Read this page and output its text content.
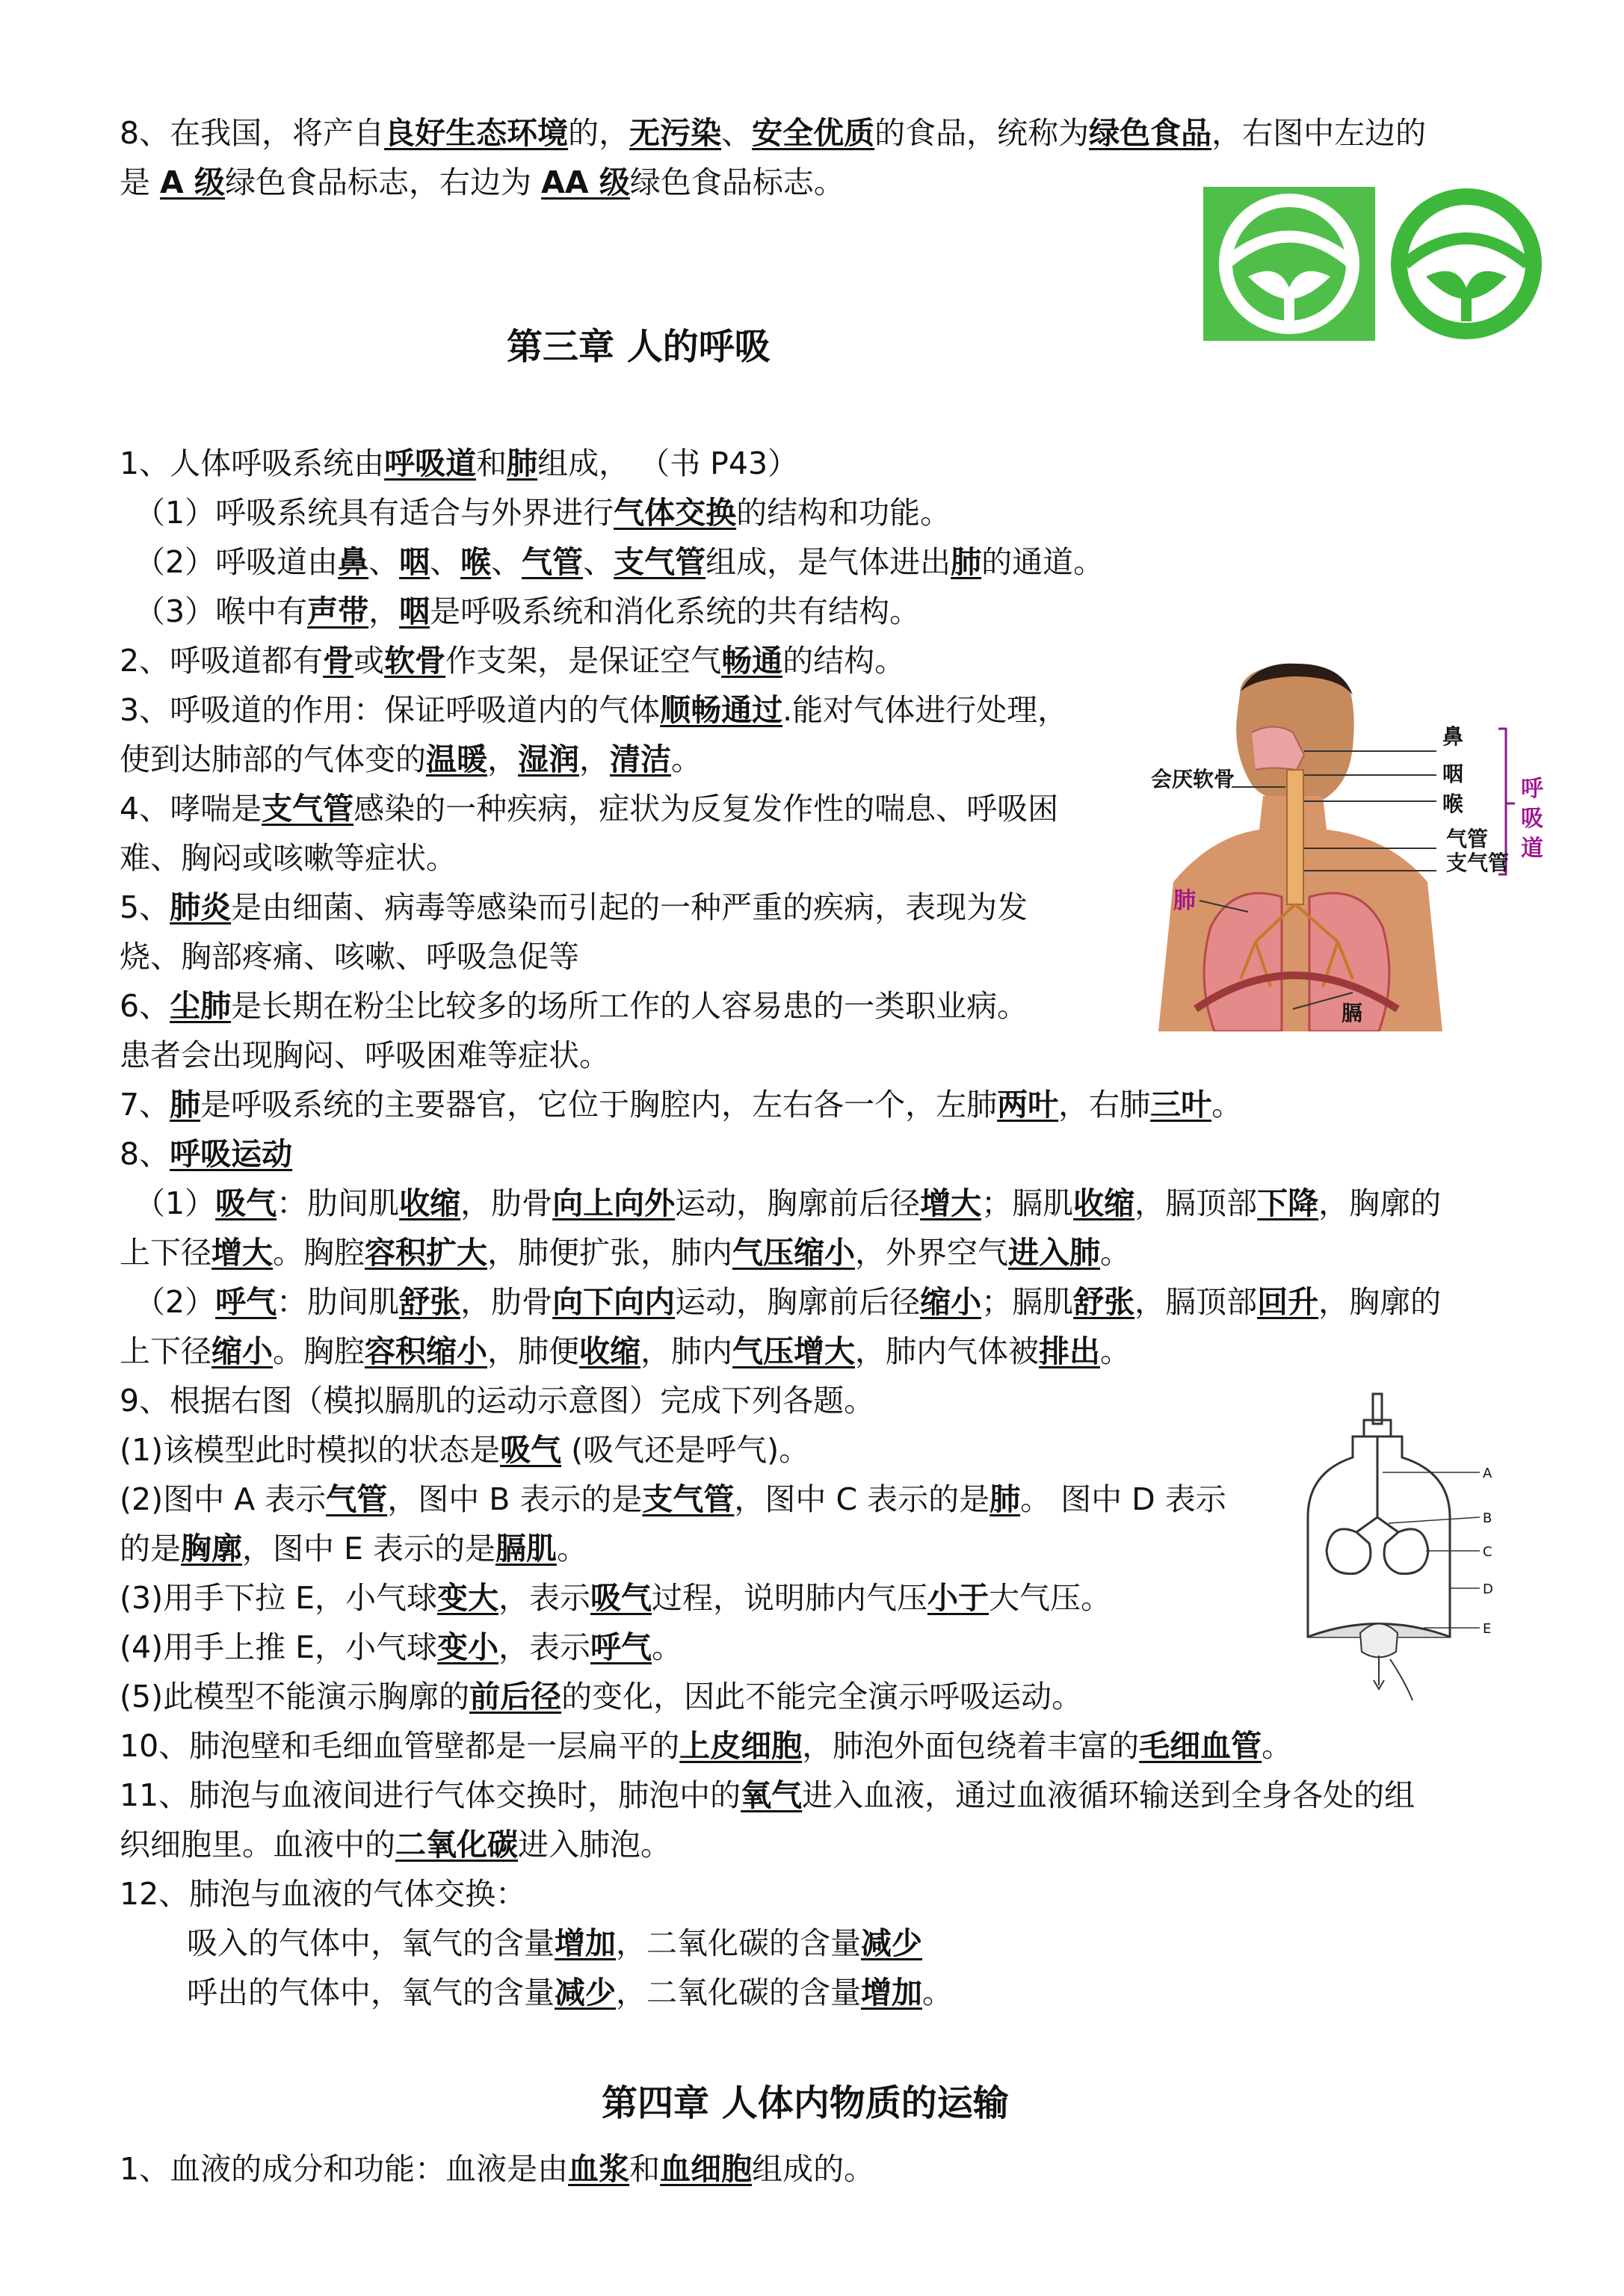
8、在我国，将产自良好生态环境的，无污染、安全优质的食品，统称为绿色食品，右图中左边的
是 A 级绿色食品标志，右边为 AA 级绿色食品标志。
第三章 人的呼吸
1、人体呼吸系统由呼吸道和肺组成， （书 P43）
（1）呼吸系统具有适合与外界进行气体交换的结构和功能。
（2）呼吸道由鼻、咽、喉、气管、支气管组成，是气体进出肺的通道。
（3）喉中有声带，咽是呼吸系统和消化系统的共有结构。
2、呼吸道都有骨或软骨作支架，是保证空气畅通的结构。
3、呼吸道的作用：保证呼吸道内的气体顺畅通过.能对气体进行处理，
使到达肺部的气体变的温暖，湿润，清洁。
4、哮喘是支气管感染的一种疾病，症状为反复发作性的喘息、呼吸困
难、胸闷或咳嗽等症状。
5、肺炎是由细菌、病毒等感染而引起的一种严重的疾病，表现为发
烧、胸部疼痛、咳嗽、呼吸急促等
6、尘肺是长期在粉尘比较多的场所工作的人容易患的一类职业病。
患者会出现胸闷、呼吸困难等症状。
7、肺是呼吸系统的主要器官，它位于胸腔内，左右各一个，左肺两叶，右肺三叶。
8、呼吸运动
（1）吸气：肋间肌收缩，肋骨向上向外运动，胸廓前后径增大；膈肌收缩，膈顶部下降，胸廓的
上下径增大。胸腔容积扩大，肺便扩张，肺内气压缩小，外界空气进入肺。
（2）呼气：肋间肌舒张，肋骨向下向内运动，胸廓前后径缩小；膈肌舒张，膈顶部回升，胸廓的
上下径缩小。胸腔容积缩小，肺便收缩，肺内气压增大，肺内气体被排出。
9、根据右图（模拟膈肌的运动示意图）完成下列各题。
(1)该模型此时模拟的状态是吸气 (吸气还是呼气)。
(2)图中 A 表示气管，图中 B 表示的是支气管，图中 C 表示的是肺。 图中 D 表示
的是胸廓，图中 E 表示的是膈肌。
(3)用手下拉 E，小气球变大，表示吸气过程，说明肺内气压小于大气压。
(4)用手上推 E，小气球变小，表示呼气。
(5)此模型不能演示胸廓的前后径的变化，因此不能完全演示呼吸运动。
10、肺泡壁和毛细血管壁都是一层扁平的上皮细胞，肺泡外面包绕着丰富的毛细血管。
11、肺泡与血液间进行气体交换时，肺泡中的氧气进入血液，通过血液循环输送到全身各处的组
织细胞里。血液中的二氧化碳进入肺泡。
12、肺泡与血液的气体交换：
吸入的气体中，氧气的含量增加，二氧化碳的含量减少
呼出的气体中，氧气的含量减少，二氧化碳的含量增加。
第四章 人体内物质的运输
1、血液的成分和功能：血液是由血浆和血细胞组成的。
会厌软骨
鼻
咽
喉
气管
支气管
肺
膈
呼
吸
道
A
B
C
D
E
